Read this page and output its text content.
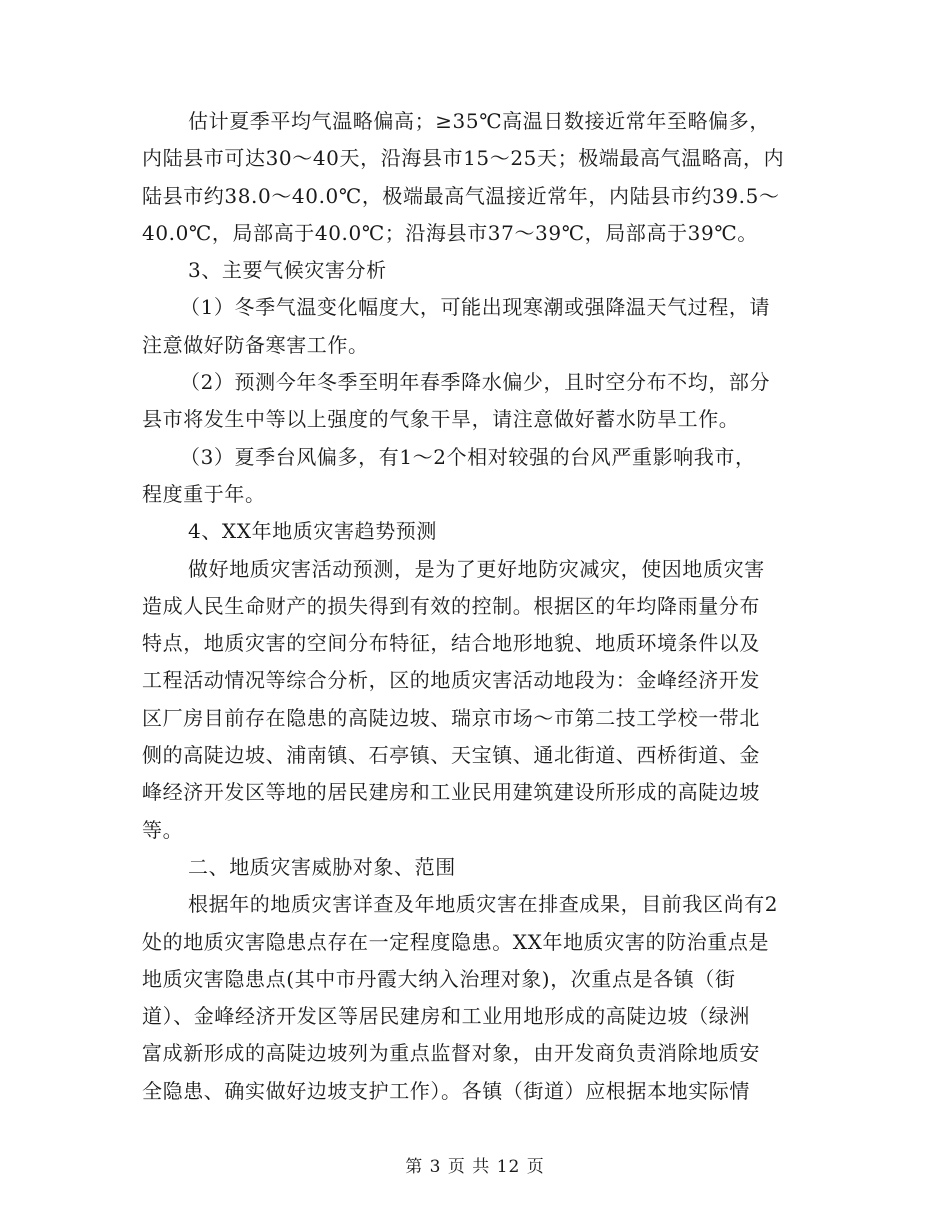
估计夏季平均气温略偏高；≥35℃高温日数接近常年至略偏多，
内陆县市可达30～40天，沿海县市15～25天；极端最高气温略高，内
陆县市约38.0～40.0℃，极端最高气温接近常年，内陆县市约39.5～
40.0℃，局部高于40.0℃；沿海县市37～39℃，局部高于39℃。
3、主要气候灾害分析
（1）冬季气温变化幅度大，可能出现寒潮或强降温天气过程，请
注意做好防备寒害工作。
（2）预测今年冬季至明年春季降水偏少，且时空分布不均，部分
县市将发生中等以上强度的气象干旱，请注意做好蓄水防旱工作。
（3）夏季台风偏多，有1～2个相对较强的台风严重影响我市，
程度重于年。
4、XX年地质灾害趋势预测
做好地质灾害活动预测，是为了更好地防灾减灾，使因地质灾害
造成人民生命财产的损失得到有效的控制。根据区的年均降雨量分布
特点，地质灾害的空间分布特征，结合地形地貌、地质环境条件以及
工程活动情况等综合分析，区的地质灾害活动地段为：金峰经济开发
区厂房目前存在隐患的高陡边坡、瑞京市场～市第二技工学校一带北
侧的高陡边坡、浦南镇、石亭镇、天宝镇、通北街道、西桥街道、金
峰经济开发区等地的居民建房和工业民用建筑建设所形成的高陡边坡
等。
二、地质灾害威胁对象、范围
根据年的地质灾害详查及年地质灾害在排查成果，目前我区尚有2
处的地质灾害隐患点存在一定程度隐患。XX年地质灾害的防治重点是
地质灾害隐患点(其中市丹霞大纳入治理对象)，次重点是各镇（街
道）、金峰经济开发区等居民建房和工业用地形成的高陡边坡（绿洲
富成新形成的高陡边坡列为重点监督对象，由开发商负责消除地质安
全隐患、确实做好边坡支护工作）。各镇（街道）应根据本地实际情
第 3 页 共 12 页
